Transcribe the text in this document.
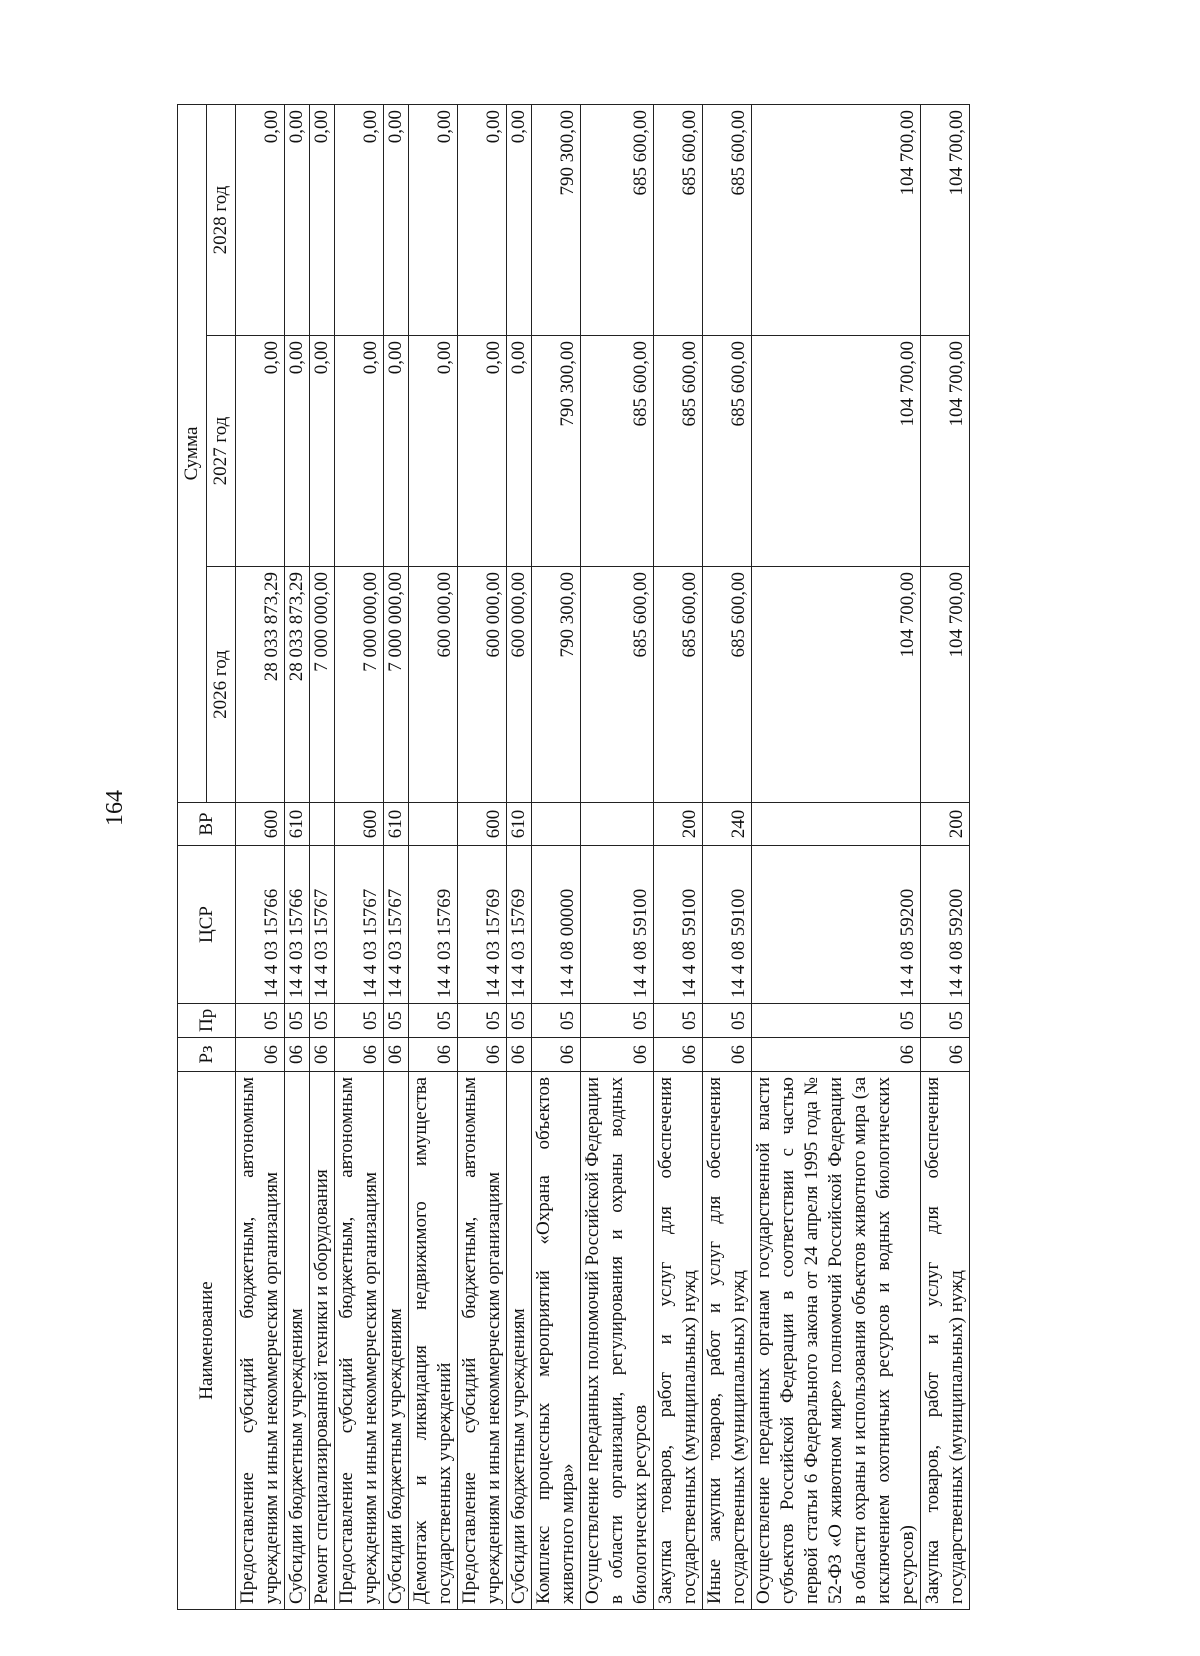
164
Наименование	Рз	Пр	ЦСР	ВР	Сумма		
					2026 год	2027 год	2028 год
Предоставление субсидий бюджетным, автономным учреждениям и иным некоммерческим организациям	06	05	14 4 03 15766	600	28 033 873,29	0,00	0,00
Субсидии бюджетным учреждениям	06	05	14 4 03 15766	610	28 033 873,29	0,00	0,00
Ремонт специализированной техники и оборудования	06	05	14 4 03 15767		7 000 000,00	0,00	0,00
Предоставление субсидий бюджетным, автономным учреждениям и иным некоммерческим организациям	06	05	14 4 03 15767	600	7 000 000,00	0,00	0,00
Субсидии бюджетным учреждениям	06	05	14 4 03 15767	610	7 000 000,00	0,00	0,00
Демонтаж и ликвидация недвижимого имущества государственных учреждений	06	05	14 4 03 15769		600 000,00	0,00	0,00
Предоставление субсидий бюджетным, автономным учреждениям и иным некоммерческим организациям	06	05	14 4 03 15769	600	600 000,00	0,00	0,00
Субсидии бюджетным учреждениям	06	05	14 4 03 15769	610	600 000,00	0,00	0,00
Комплекс процессных мероприятий «Охрана объектов животного мира»	06	05	14 4 08 00000		790 300,00	790 300,00	790 300,00
Осуществление переданных полномочий Российской Федерации в области организации, регулирования и охраны водных биологических ресурсов	06	05	14 4 08 59100		685 600,00	685 600,00	685 600,00
Закупка товаров, работ и услуг для обеспечения государственных (муниципальных) нужд	06	05	14 4 08 59100	200	685 600,00	685 600,00	685 600,00
Иные закупки товаров, работ и услуг для обеспечения государственных (муниципальных) нужд	06	05	14 4 08 59100	240	685 600,00	685 600,00	685 600,00
Осуществление переданных органам государственной власти субъектов Российской Федерации в соответствии с частью первой статьи 6 Федерального закона от 24 апреля 1995 года № 52-ФЗ «О животном мире» полномочий Российской Федерации в области охраны и использования объектов животного мира (за исключением охотничьих ресурсов и водных биологических ресурсов)	06	05	14 4 08 59200		104 700,00	104 700,00	104 700,00
Закупка товаров, работ и услуг для обеспечения государственных (муниципальных) нужд	06	05	14 4 08 59200	200	104 700,00	104 700,00	104 700,00
